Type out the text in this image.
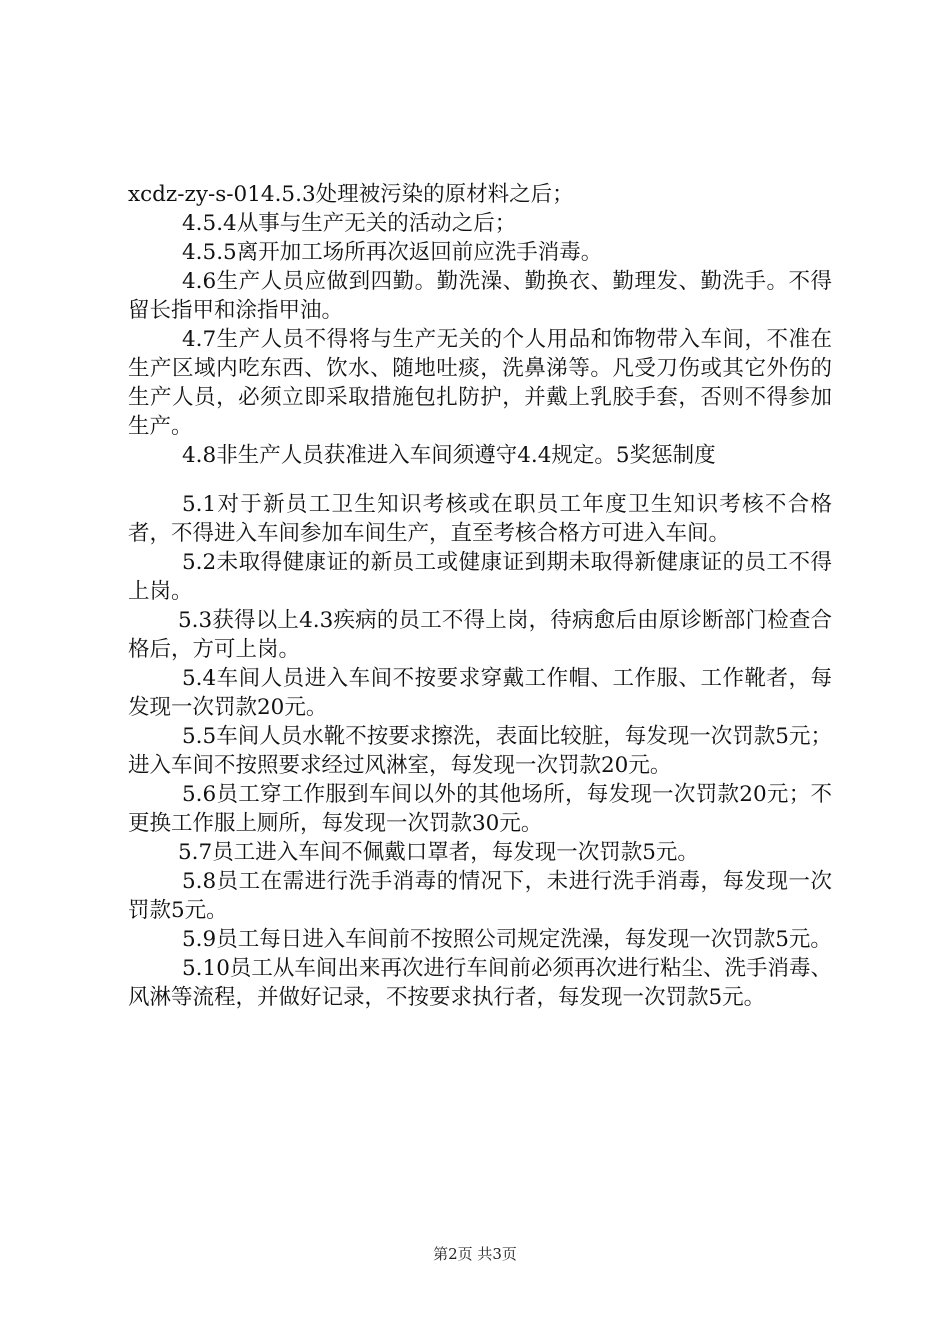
xcdz-zy-s-014.5.3处理被污染的原材料之后；

4.5.4从事与生产无关的活动之后；

4.5.5离开加工场所再次返回前应洗手消毒。

4.6生产人员应做到四勤。勤洗澡、勤换衣、勤理发、勤洗手。不得留长指甲和涂指甲油。

4.7生产人员不得将与生产无关的个人用品和饰物带入车间，不准在生产区域内吃东西、饮水、随地吐痰，洗鼻涕等。凡受刀伤或其它外伤的生产人员，必须立即采取措施包扎防护，并戴上乳胶手套，否则不得参加生产。

4.8非生产人员获准进入车间须遵守4.4规定。5奖惩制度

5.1对于新员工卫生知识考核或在职员工年度卫生知识考核不合格者，不得进入车间参加车间生产，直至考核合格方可进入车间。

5.2未取得健康证的新员工或健康证到期未取得新健康证的员工不得上岗。

5.3获得以上4.3疾病的员工不得上岗，待病愈后由原诊断部门检查合格后，方可上岗。

5.4车间人员进入车间不按要求穿戴工作帽、工作服、工作靴者，每发现一次罚款20元。

5.5车间人员水靴不按要求擦洗，表面比较脏，每发现一次罚款5元；进入车间不按照要求经过风淋室，每发现一次罚款20元。

5.6员工穿工作服到车间以外的其他场所，每发现一次罚款20元；不更换工作服上厕所，每发现一次罚款30元。

5.7员工进入车间不佩戴口罩者，每发现一次罚款5元。

5.8员工在需进行洗手消毒的情况下，未进行洗手消毒，每发现一次罚款5元。

5.9员工每日进入车间前不按照公司规定洗澡，每发现一次罚款5元。

5.10员工从车间出来再次进行车间前必须再次进行粘尘、洗手消毒、风淋等流程，并做好记录，不按要求执行者，每发现一次罚款5元。

第2页 共3页
